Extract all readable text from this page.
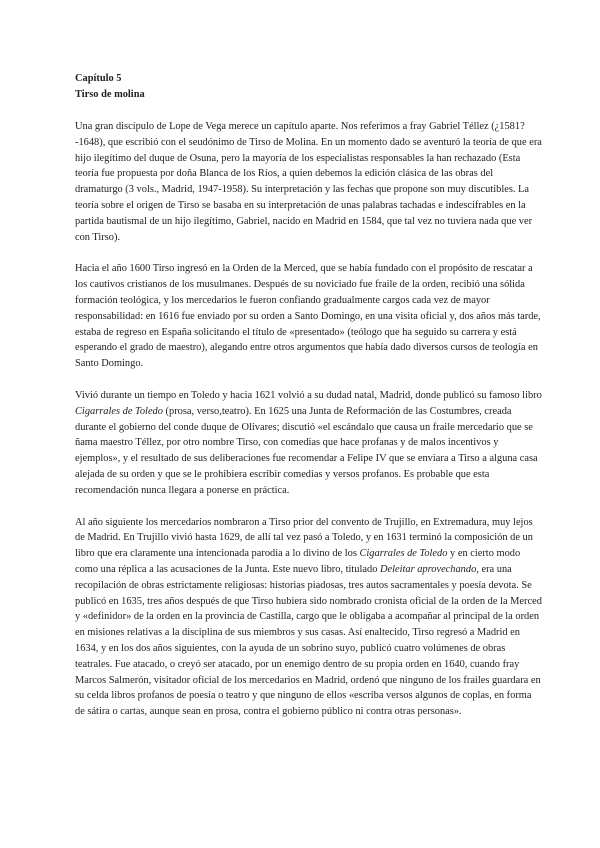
Capítulo 5
Tirso de molina

Una gran discípulo de Lope de Vega merece un capítulo aparte. Nos referimos a fray Gabriel Téllez (¿1581?-1648), que escribió con el seudónimo de Tirso de Molina. En un momento dado se aventuró la teoría de que era hijo ilegítimo del duque de Osuna, pero la mayoría de los especialistas responsables la han rechazado (Esta teoría fue propuesta por doña Blanca de los Ríos, a quien debemos la edición clásica de las obras del dramaturgo (3 vols., Madrid, 1947-1958). Su interpretación y las fechas que propone son muy discutibles. La teoría sobre el origen de Tirso se basaba en su interpretación de unas palabras tachadas e indescifrables en la partida bautismal de un hijo ilegítimo, Gabriel, nacido en Madrid en 1584, que tal vez no tuviera nada que ver con Tirso).

Hacia el año 1600 Tirso ingresó en la Orden de la Merced, que se había fundado con el propósito de rescatar a los cautivos cristianos de los musulmanes. Después de su noviciado fue fraile de la orden, recibió una sólida formación teológica, y los mercedarios le fueron confiando gradualmente cargos cada vez de mayor responsabilidad: en 1616 fue enviado por su orden a Santo Domingo, en una visita oficial y, dos años más tarde, estaba de regreso en España solicitando el título de «presentado» (teólogo que ha seguido su carrera y está esperando el grado de maestro), alegando entre otros argumentos que había dado diversos cursos de teología en Santo Domingo.

Vivió durante un tiempo en Toledo y hacia 1621 volvió a su dudad natal, Madrid, donde publicó su famoso libro Cigarrales de Toledo (prosa, verso,teatro). En 1625 una Junta de Reformación de las Costumbres, creada durante el gobierno del conde duque de Olivares; discutió «el escándalo que causa un fraile mercedario que se ñama maestro Téllez, por otro nombre Tirso, con comedias que hace profanas y de malos incentivos y ejemplos», y el resultado de sus deliberaciones fue recomendar a Felipe IV que se enviara a Tirso a alguna casa alejada de su orden y que se le prohibiera escribir comedias y versos profanos. Es probable que esta recomendación nunca llegara a ponerse en práctica.

Al año siguiente los mercedarios nombraron a Tirso prior del convento de Trujillo, en Extremadura, muy lejos de Madrid. En Trujillo vivió hasta 1629, de allí tal vez pasó a Toledo, y en 1631 terminó la composición de un libro que era claramente una intencionada parodia a lo divino de los Cigarrales de Toledo y en cierto modo como una réplica a las acusaciones de la Junta. Este nuevo libro, titulado Deleitar aprovechando, era una recopilación de obras estrictamente religiosas: historias piadosas, tres autos sacramentales y poesía devota. Se publicó en 1635, tres años después de que Tirso hubiera sido nombrado cronista oficial de la orden de la Merced y «definidor» de la orden en la provincia de Castilla, cargo que le obligaba a acompañar al principal de la orden en misiones relativas a la disciplina de sus miembros y sus casas. Así enaltecido, Tirso regresó a Madrid en 1634, y en los dos años siguientes, con la ayuda de un sobrino suyo, publicó cuatro volúmenes de obras teatrales. Fue atacado, o creyó ser atacado, por un enemigo dentro de su propia orden en 1640, cuando fray Marcos Salmerón, visitador oficial de los mercedarios en Madrid, ordenó que ninguno de los frailes guardara en su celda libros profanos de poesía o teatro y que ninguno de ellos «escriba versos algunos de coplas, en forma de sátira o cartas, aunque sean en prosa, contra el gobierno público ni contra otras personas».
